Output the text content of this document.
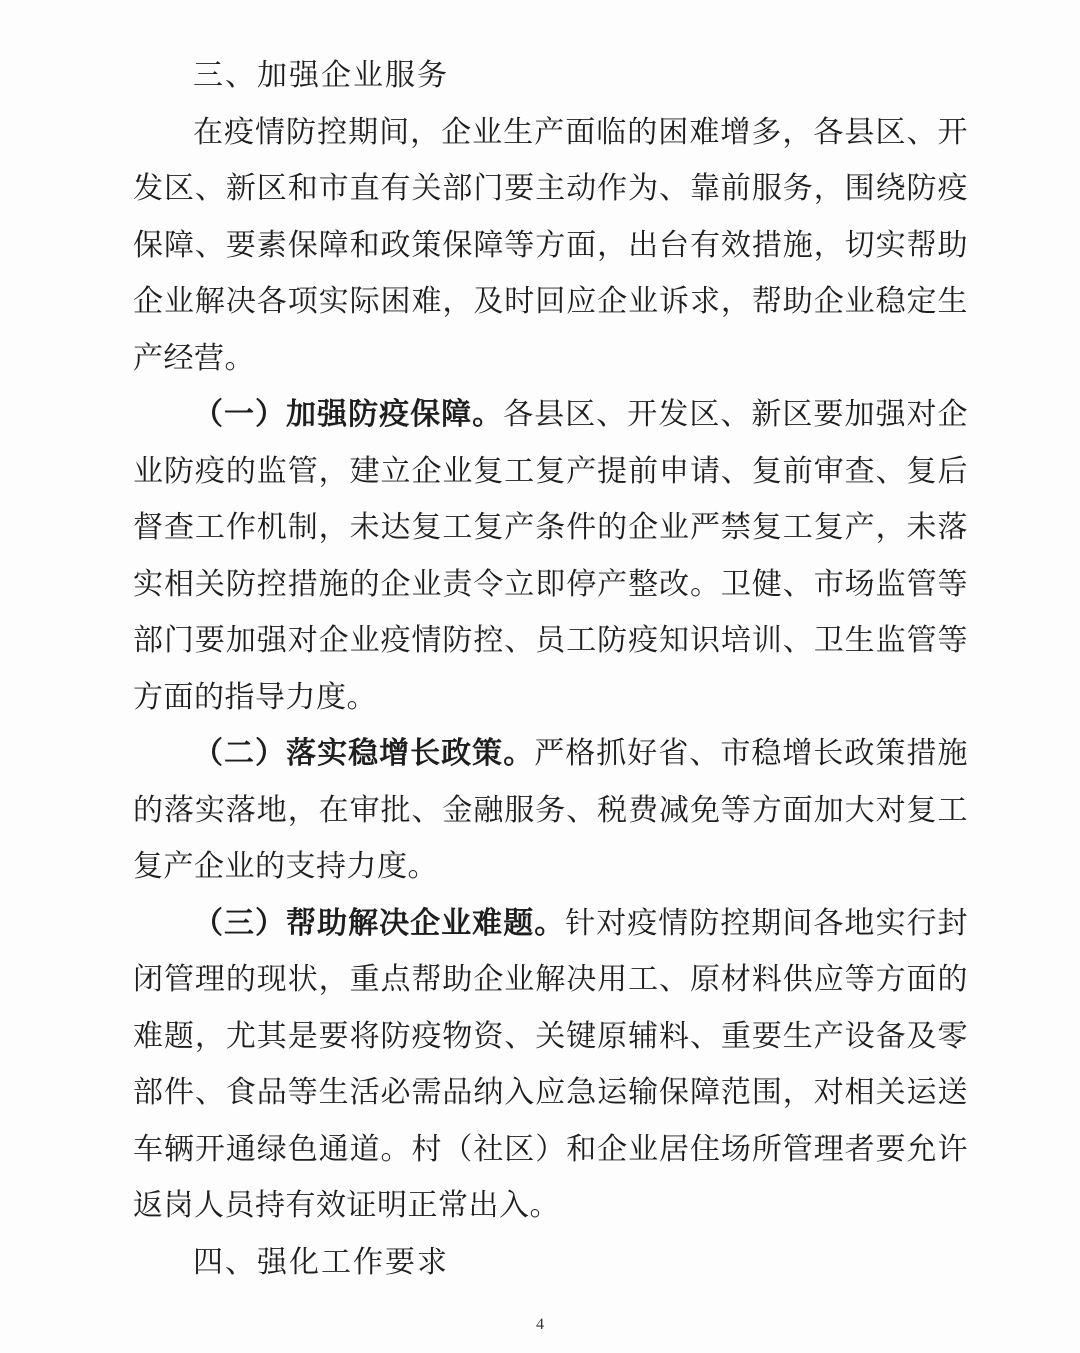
三、加强企业服务

在疫情防控期间，企业生产面临的困难增多，各县区、开发区、新区和市直有关部门要主动作为、靠前服务，围绕防疫保障、要素保障和政策保障等方面，出台有效措施，切实帮助企业解决各项实际困难，及时回应企业诉求，帮助企业稳定生产经营。

（一）加强防疫保障。各县区、开发区、新区要加强对企业防疫的监管，建立企业复工复产提前申请、复前审查、复后督查工作机制，未达复工复产条件的企业严禁复工复产，未落实相关防控措施的企业责令立即停产整改。卫健、市场监管等部门要加强对企业疫情防控、员工防疫知识培训、卫生监管等方面的指导力度。

（二）落实稳增长政策。严格抓好省、市稳增长政策措施的落实落地，在审批、金融服务、税费减免等方面加大对复工复产企业的支持力度。

（三）帮助解决企业难题。针对疫情防控期间各地实行封闭管理的现状，重点帮助企业解决用工、原材料供应等方面的难题，尤其是要将防疫物资、关键原辅料、重要生产设备及零部件、食品等生活必需品纳入应急运输保障范围，对相关运送车辆开通绿色通道。村（社区）和企业居住场所管理者要允许返岗人员持有效证明正常出入。

四、强化工作要求

4
